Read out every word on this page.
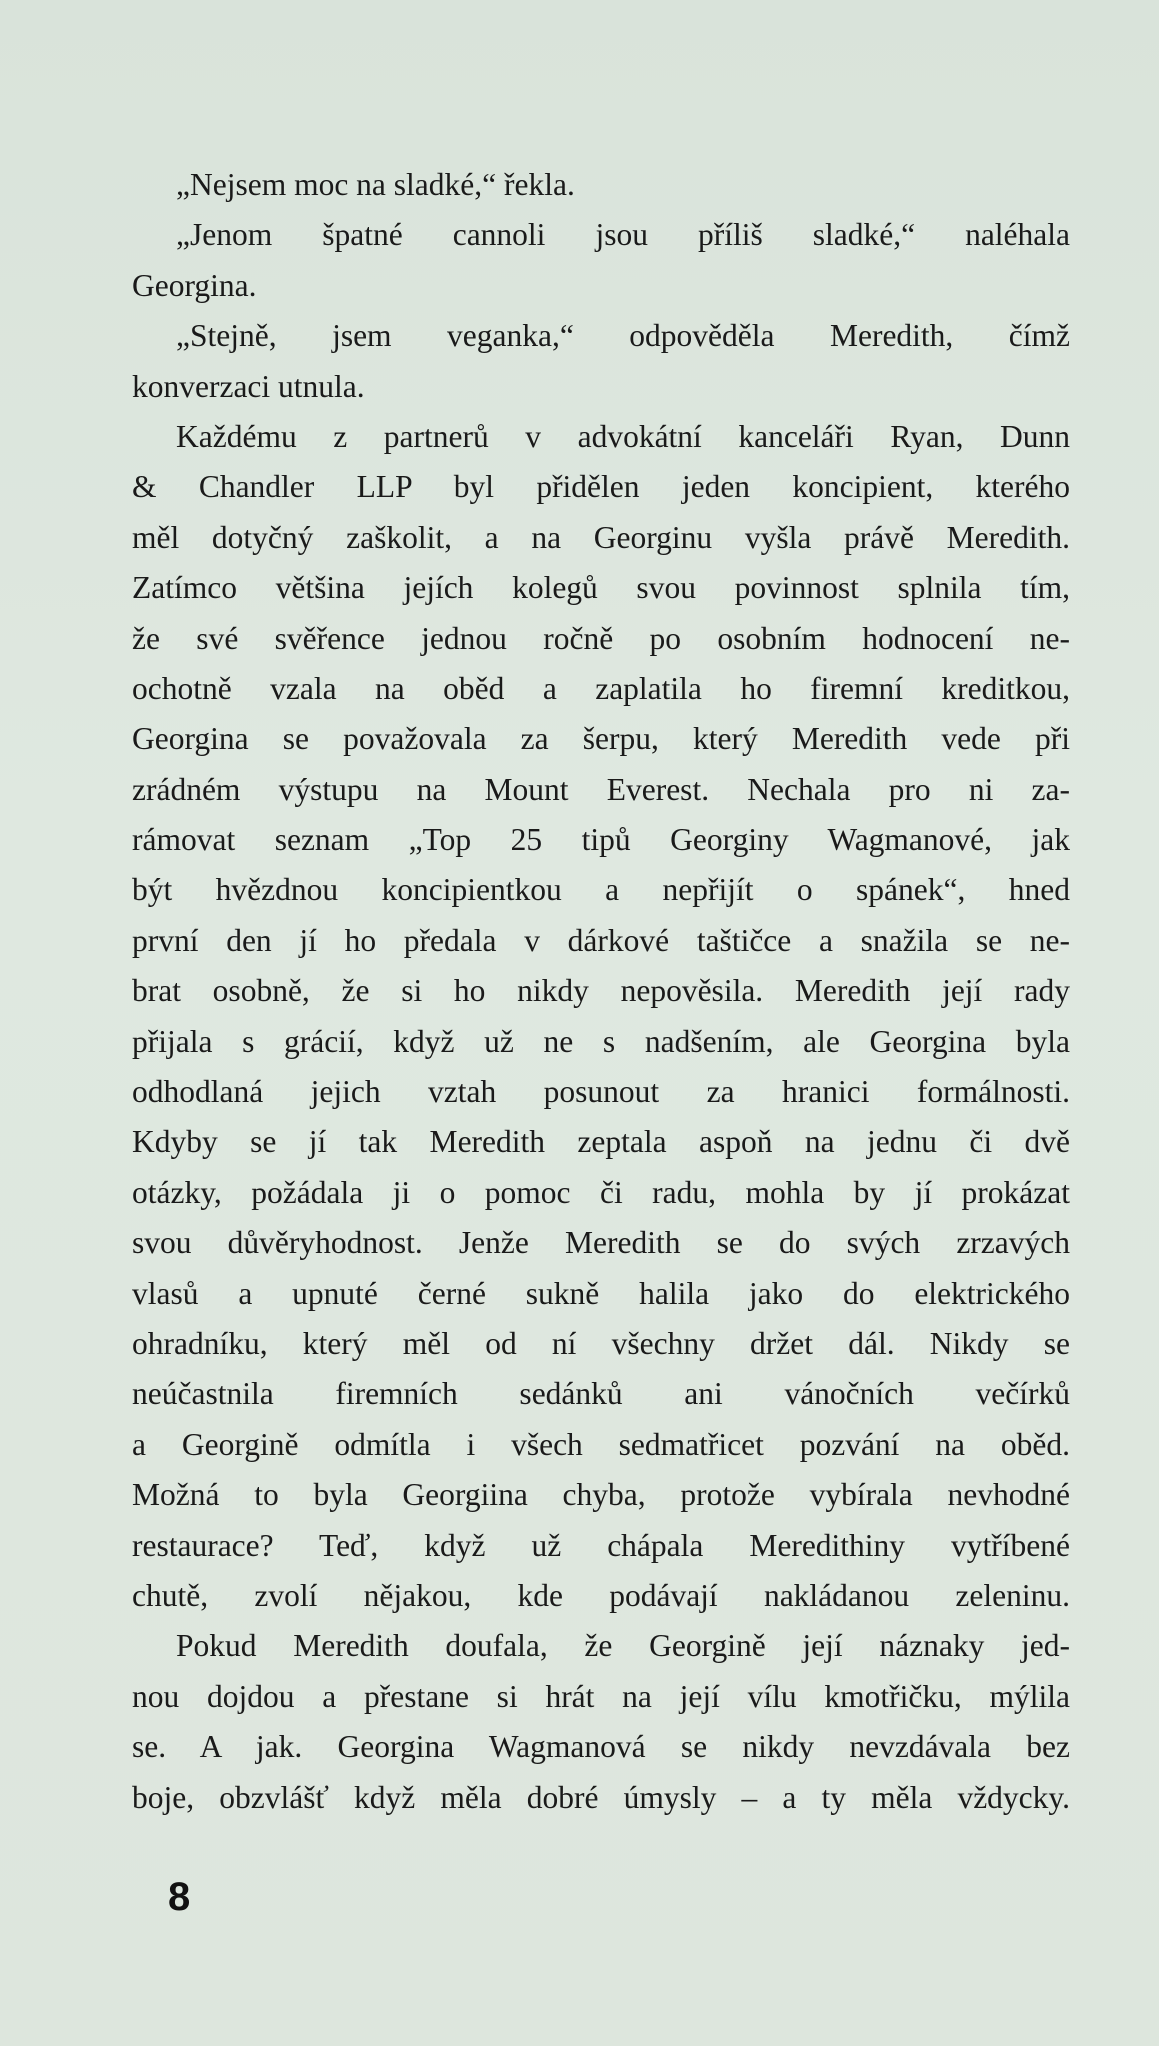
„Nejsem moc na sladké,“ řekla.
„Jenom špatné cannoli jsou příliš sladké,“ naléhala
Georgina.
„Stejně, jsem veganka,“ odpověděla Meredith, čímž
konverzaci utnula.
Každému z partnerů v advokátní kanceláři Ryan, Dunn
& Chandler LLP byl přidělen jeden koncipient, kterého
měl dotyčný zaškolit, a na Georginu vyšla právě Meredith.
Zatímco většina jejích kolegů svou povinnost splnila tím,
že své svěřence jednou ročně po osobním hodnocení ne-
ochotně vzala na oběd a zaplatila ho firemní kreditkou,
Georgina se považovala za šerpu, který Meredith vede při
zrádném výstupu na Mount Everest. Nechala pro ni za-
rámovat seznam „Top 25 tipů Georginy Wagmanové, jak
být hvězdnou koncipientkou a nepřijít o spánek“, hned
první den jí ho předala v dárkové taštičce a snažila se ne-
brat osobně, že si ho nikdy nepověsila. Meredith její rady
přijala s grácií, když už ne s nadšením, ale Georgina byla
odhodlaná jejich vztah posunout za hranici formálnosti.
Kdyby se jí tak Meredith zeptala aspoň na jednu či dvě
otázky, požádala ji o pomoc či radu, mohla by jí prokázat
svou důvěryhodnost. Jenže Meredith se do svých zrzavých
vlasů a upnuté černé sukně halila jako do elektrického
ohradníku, který měl od ní všechny držet dál. Nikdy se
neúčastnila firemních sedánků ani vánočních večírků
a Georgině odmítla i všech sedmatřicet pozvání na oběd.
Možná to byla Georgiina chyba, protože vybírala nevhodné
restaurace? Teď, když už chápala Meredithiny vytříbené
chutě, zvolí nějakou, kde podávají nakládanou zeleninu.
Pokud Meredith doufala, že Georgině její náznaky jed-
nou dojdou a přestane si hrát na její vílu kmotřičku, mýlila
se. A jak. Georgina Wagmanová se nikdy nevzdávala bez
boje, obzvlášť když měla dobré úmysly – a ty měla vždycky.
8
